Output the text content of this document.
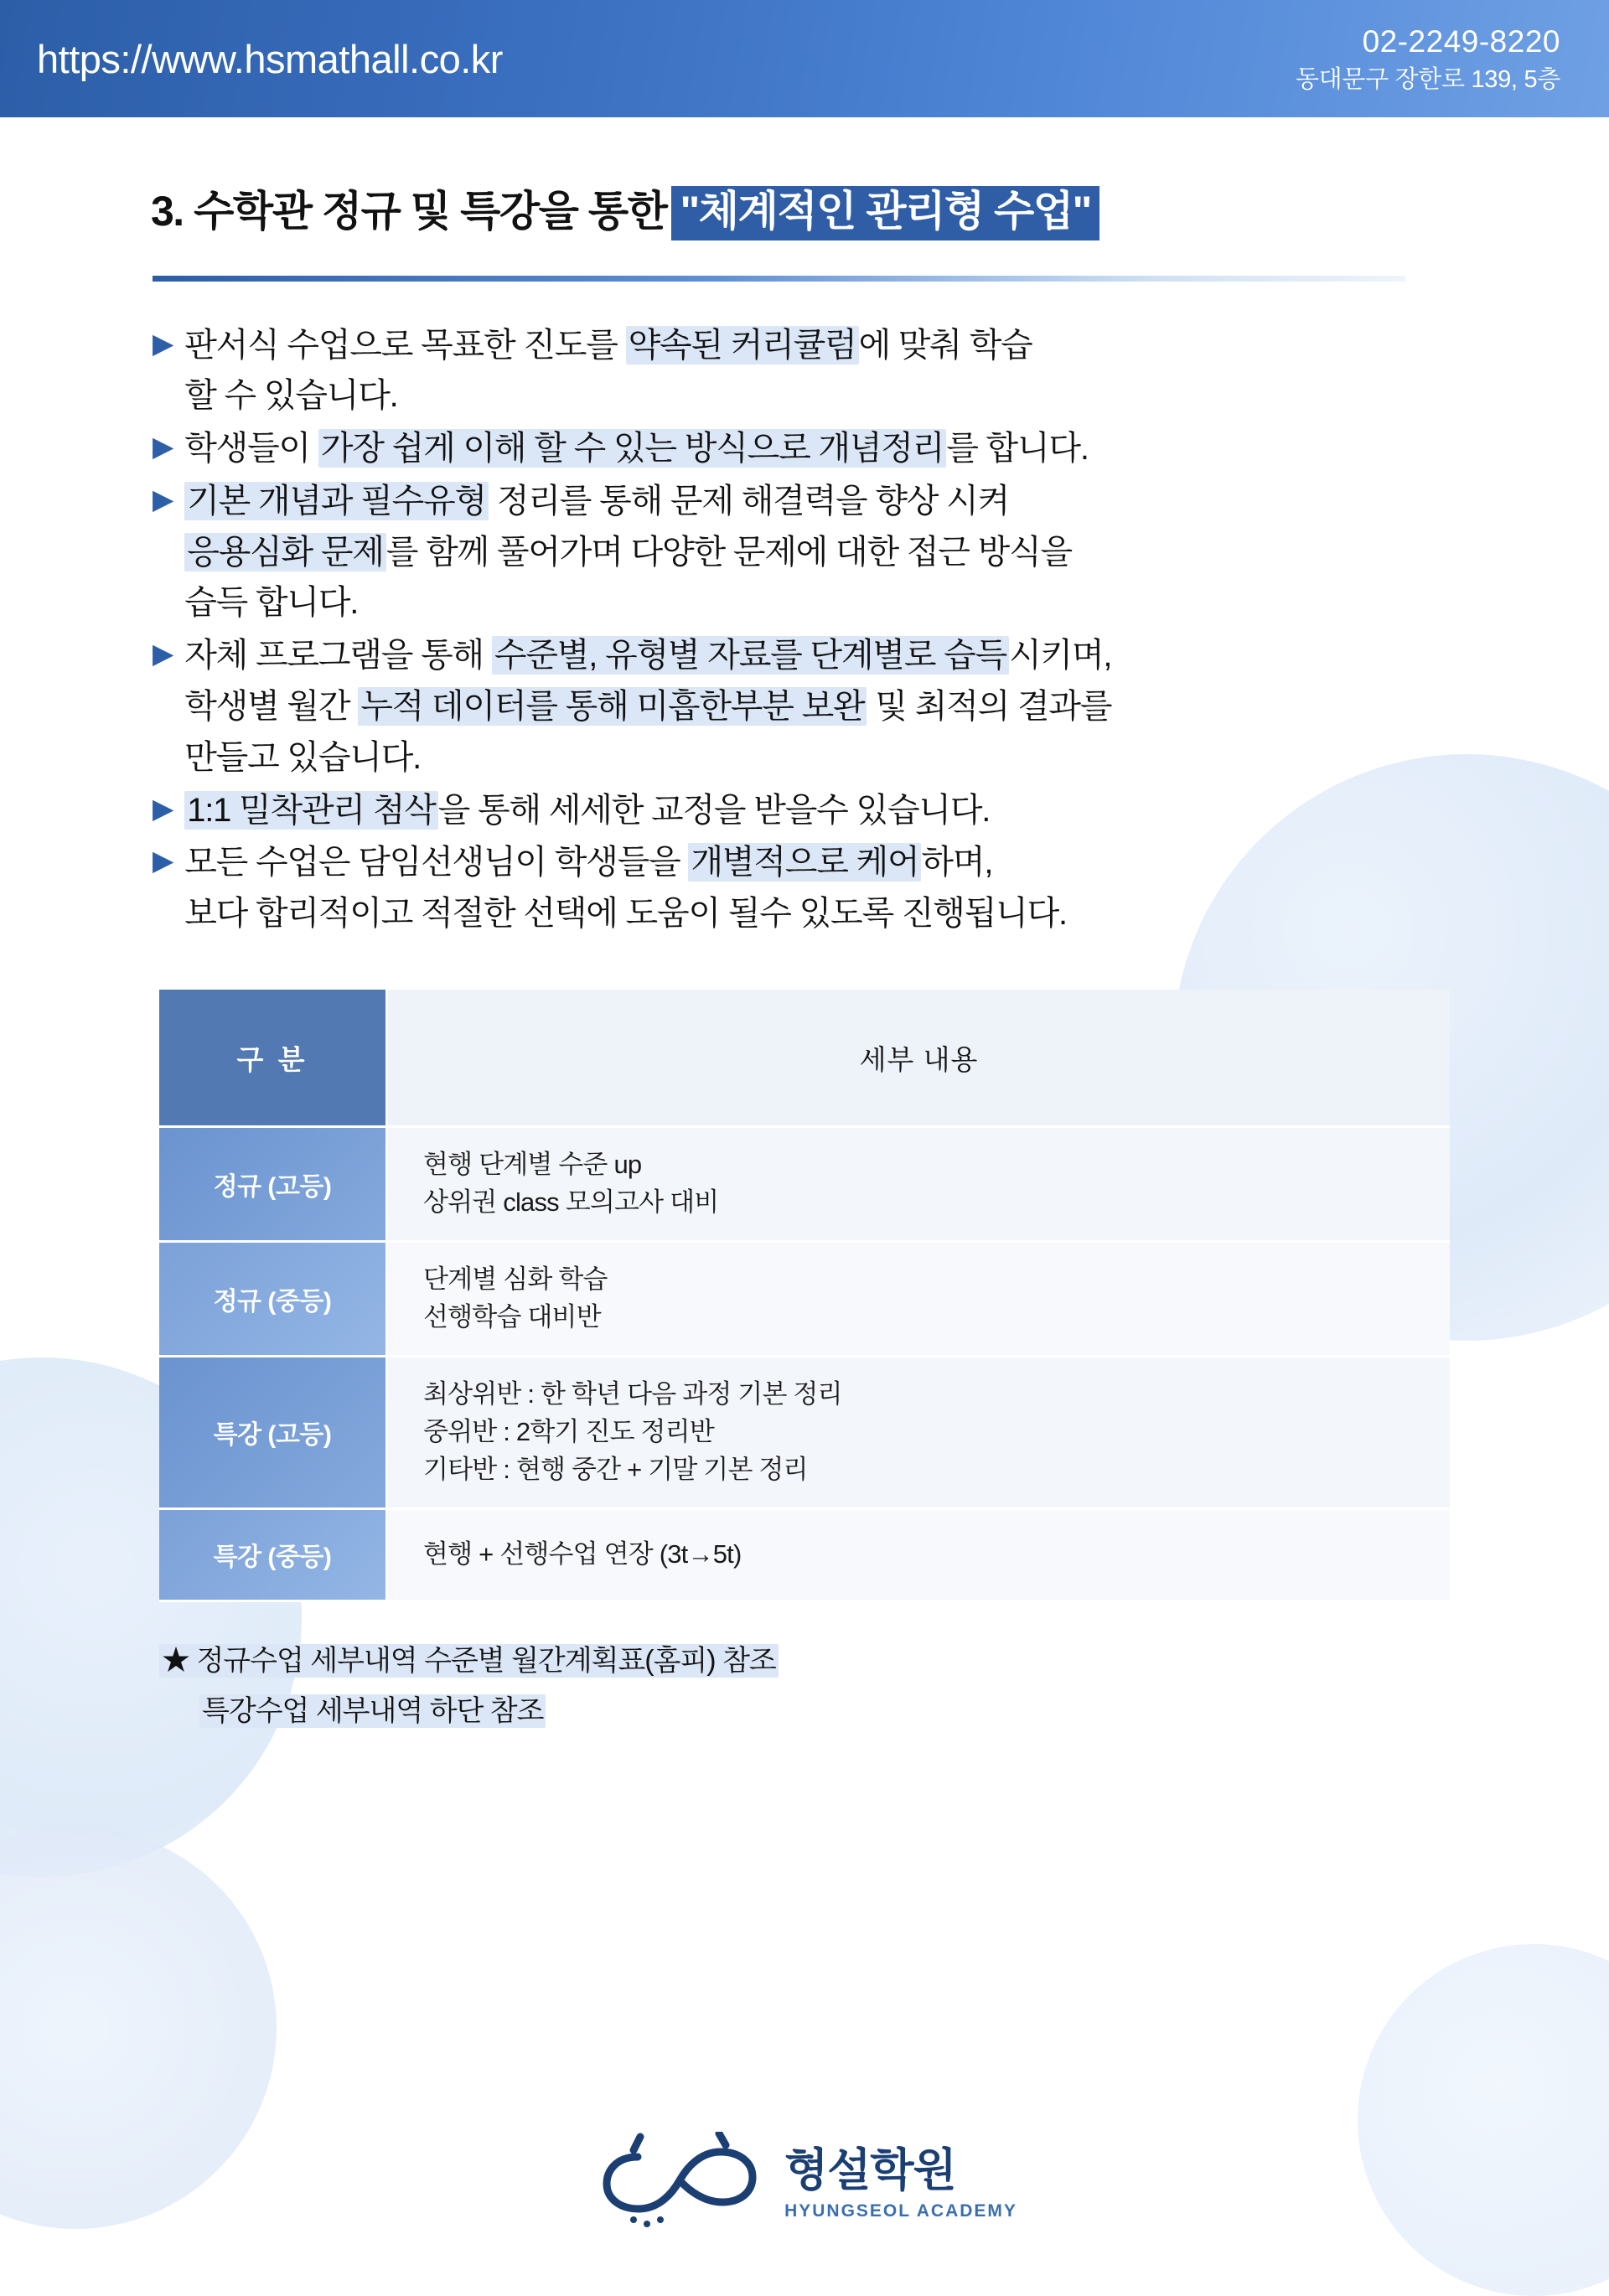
https://www.hsmathall.co.kr	02-2249-8220
동대문구 장한로 139, 5층
3. 수학관 정규 및 특강을 통한 "체계적인 관리형 수업"
▶ 판서식 수업으로 목표한 진도를 약속된 커리큘럼에 맞춰 학습
할 수 있습니다.
▶ 학생들이 가장 쉽게 이해 할 수 있는 방식으로 개념정리를 합니다.
▶ 기본 개념과 필수유형 정리를 통해 문제 해결력을 향상 시켜
응용심화 문제를 함께 풀어가며 다양한 문제에 대한 접근 방식을
습득 합니다.
▶ 자체 프로그램을 통해 수준별, 유형별 자료를 단계별로 습득시키며,
학생별 월간 누적 데이터를 통해 미흡한부분 보완 및 최적의 결과를
만들고 있습니다.
▶ 1:1 밀착관리 첨삭을 통해 세세한 교정을 받을수 있습니다.
▶ 모든 수업은 담임선생님이 학생들을 개별적으로 케어하며,
보다 합리적이고 적절한 선택에 도움이 될수 있도록 진행됩니다.
구 분	세부 내용
정규 (고등)	현행 단계별 수준 up
상위권 class 모의고사 대비

정규 (중등)	단계별 심화 학습
선행학습 대비반

특강 (고등)	최상위반 : 한 학년 다음 과정 기본 정리
중위반 : 2학기 진도 정리반
기타반 : 현행 중간 + 기말 기본 정리

특강 (중등)	현행 + 선행수업 연장 (3t→5t)
★ 정규수업 세부내역 수준별 월간계획표(홈피) 참조
특강수업 세부내역 하단 참조
형설학원
HYUNGSEOL ACADEMY
